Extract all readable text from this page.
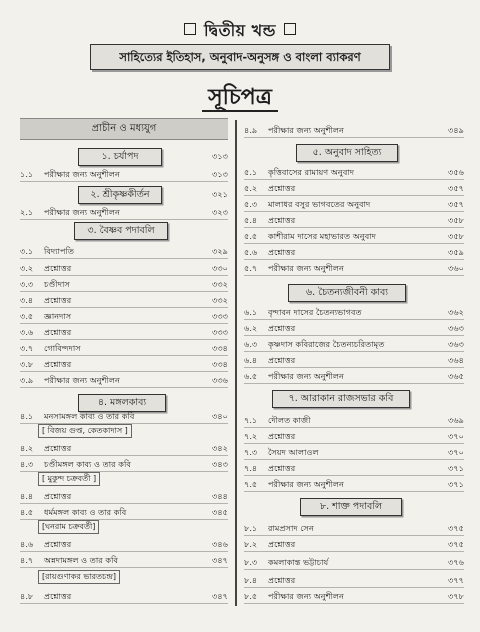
দ্বিতীয় খন্ড
সাহিত্যের ইতিহাস, অনুবাদ-অনুসঙ্গ ও বাংলা ব্যাকরণ
সূচিপত্র
প্রাচীন ও মধ্যযুগ
১. চর্যাপদ	৩১৩
১.১ পরীক্ষার জন্য অনুশীলন	৩১৩
২. শ্রীকৃষ্ণকীর্তন	৩২১
২.১ পরীক্ষার জন্য অনুশীলন	৩২৩
৩. বৈষ্ণব পদাবলি
৩.১ বিদ্যাপতি	৩২৯
৩.২ প্রশ্নোত্তর	৩৩০
৩.৩ চণ্ডীদাস	৩৩২
৩.৪ প্রশ্নোত্তর	৩৩২
৩.৫ জ্ঞানদাস	৩৩৩
৩.৬ প্রশ্নোত্তর	৩৩৩
৩.৭ গোবিন্দদাস	৩৩৪
৩.৮ প্রশ্নোত্তর	৩৩৪
৩.৯ পরীক্ষার জন্য অনুশীলন	৩৩৬
৪. মঙ্গলকাব্য
৪.১ মনসামঙ্গল কাব্য ও তার কবি	৩৪০
[ বিজয় গুপ্ত, কেতকাদাস ]
৪.২ প্রশ্নোত্তর	৩৪২
৪.৩ চণ্ডীমঙ্গল কাব্য ও তার কবি	৩৪৩
[ মুকুন্দ চক্রবর্তী ]
৪.৪ প্রশ্নোত্তর	৩৪৪
৪.৫ ধর্মমঙ্গল কাব্য ও তার কবি	৩৪৫
[ঘনরাম চক্রবর্তী]
৪.৬ প্রশ্নোত্তর	৩৪৬
৪.৭ অন্নদামঙ্গল ও তার কবি	৩৪৭
[রায়গুণাকর ভারতচন্দ্র]
৪.৮ প্রশ্নোত্তর	৩৪৭
৪.৯ পরীক্ষার জন্য অনুশীলন	৩৪৯
৫. অনুবাদ সাহিত্য
৫.১ কৃত্তিবাসের রামায়ণ অনুবাদ	৩৫৬
৫.২ প্রশ্নোত্তর	৩৫৭
৫.৩ মালাধর বসুর ভাগবতের অনুবাদ	৩৫৭
৫.৪ প্রশ্নোত্তর	৩৫৮
৫.৫ কাশীরাম দাসের মহাভারত অনুবাদ	৩৫৮
৫.৬ প্রশ্নোত্তর	৩৫৯
৫.৭ পরীক্ষার জন্য অনুশীলন	৩৬০
৬. চৈতন্যজীবনী কাব্য
৬.১ বৃন্দাবন দাসের চৈতন্যভাগবত	৩৬২
৬.২ প্রশ্নোত্তর	৩৬৩
৬.৩ কৃষ্ণদাস কবিরাজের চৈতন্যচরিতামৃত	৩৬৩
৬.৪ প্রশ্নোত্তর	৩৬৪
৬.৫ পরীক্ষার জন্য অনুশীলন	৩৬৫
৭. আরাকান রাজসভার কবি
৭.১ দৌলত কাজী	৩৬৯
৭.২ প্রশ্নোত্তর	৩৭০
৭.৩ সৈয়দ আলাওল	৩৭০
৭.৪ প্রশ্নোত্তর	৩৭১
৭.৫ পরীক্ষার জন্য অনুশীলন	৩৭১
৮. শাক্ত পদাবলি
৮.১ রামপ্রসাদ সেন	৩৭৫
৮.২ প্রশ্নোত্তর	৩৭৫
৮.৩ কমলাকান্ত ভট্টাচার্য	৩৭৬
৮.৪ প্রশ্নোত্তর	৩৭৭
৮.৫ পরীক্ষার জন্য অনুশীলন	৩৭৮
